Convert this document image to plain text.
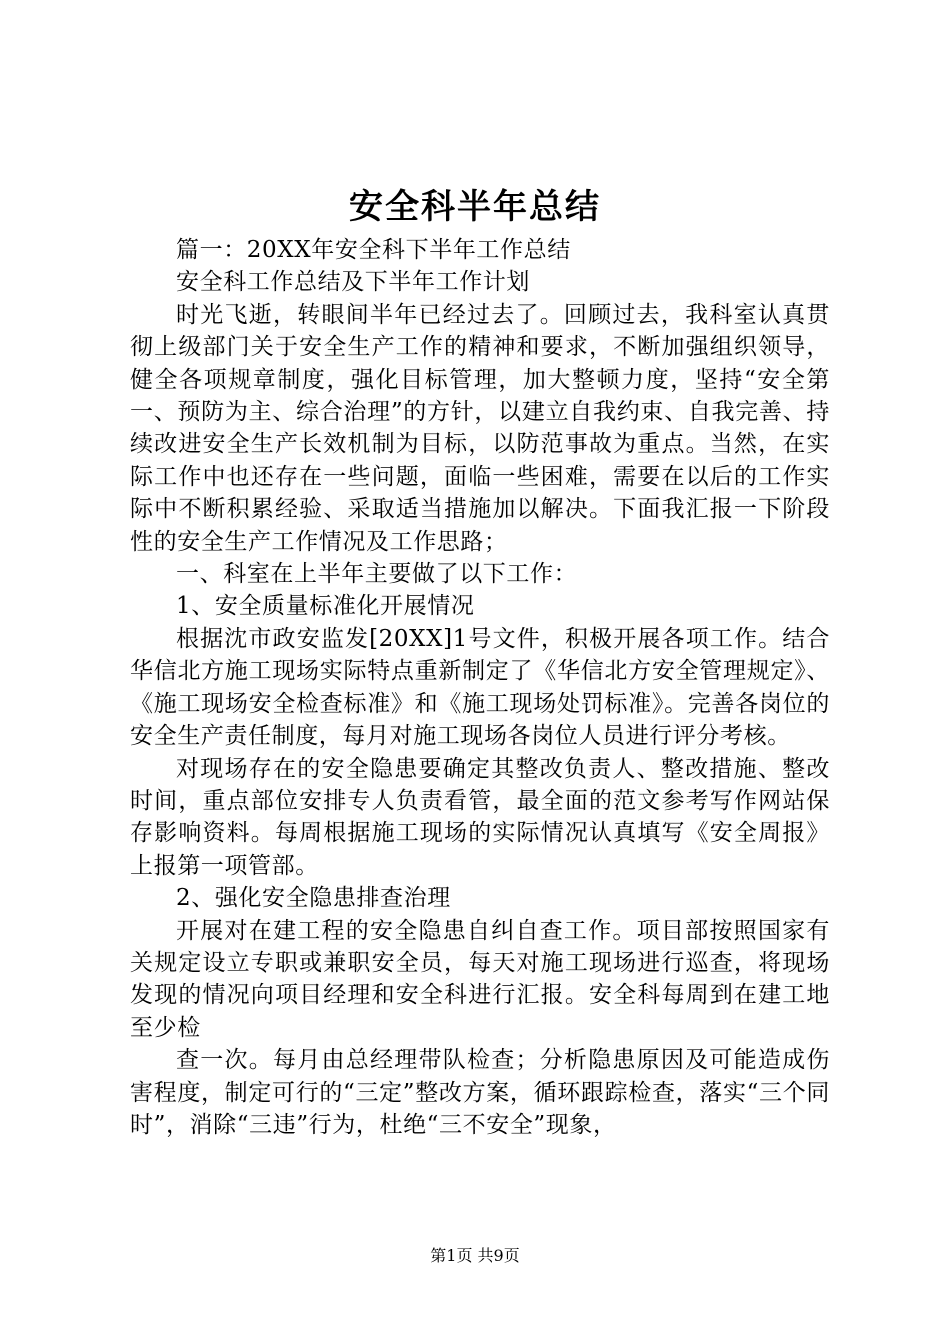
安全科半年总结

篇一：20XX年安全科下半年工作总结

安全科工作总结及下半年工作计划

时光飞逝，转眼间半年已经过去了。回顾过去，我科室认真贯彻上级部门关于安全生产工作的精神和要求，不断加强组织领导，健全各项规章制度，强化目标管理，加大整顿力度，坚持“安全第一、预防为主、综合治理”的方针，以建立自我约束、自我完善、持续改进安全生产长效机制为目标，以防范事故为重点。当然，在实际工作中也还存在一些问题，面临一些困难，需要在以后的工作实际中不断积累经验、采取适当措施加以解决。下面我汇报一下阶段性的安全生产工作情况及工作思路；

一、科室在上半年主要做了以下工作：

1、安全质量标准化开展情况

根据沈市政安监发[20XX]1号文件，积极开展各项工作。结合华信北方施工现场实际特点重新制定了《华信北方安全管理规定》、《施工现场安全检查标准》和《施工现场处罚标准》。完善各岗位的安全生产责任制度，每月对施工现场各岗位人员进行评分考核。

对现场存在的安全隐患要确定其整改负责人、整改措施、整改时间，重点部位安排专人负责看管，最全面的范文参考写作网站保存影响资料。每周根据施工现场的实际情况认真填写《安全周报》上报第一项管部。

2、强化安全隐患排查治理

开展对在建工程的安全隐患自纠自查工作。项目部按照国家有关规定设立专职或兼职安全员，每天对施工现场进行巡查，将现场发现的情况向项目经理和安全科进行汇报。安全科每周到在建工地至少检

查一次。每月由总经理带队检查；分析隐患原因及可能造成伤害程度，制定可行的“三定”整改方案，循环跟踪检查，落实“三个同时”，消除“三违”行为，杜绝“三不安全”现象，

第1页 共9页
